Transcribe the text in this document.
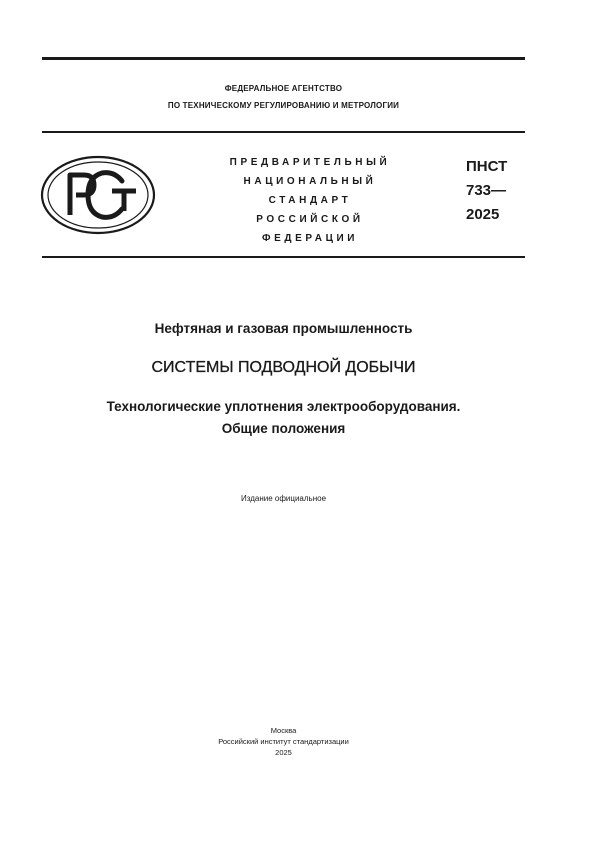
ФЕДЕРАЛЬНОЕ АГЕНТСТВО
ПО ТЕХНИЧЕСКОМУ РЕГУЛИРОВАНИЮ И МЕТРОЛОГИИ
ПРЕДВАРИТЕЛЬНЫЙ
НАЦИОНАЛЬНЫЙ
СТАНДАРТ
РОССИЙСКОЙ
ФЕДЕРАЦИИ
ПНСТ
733—
2025
Нефтяная и газовая промышленность
СИСТЕМЫ ПОДВОДНОЙ ДОБЫЧИ
Технологические уплотнения электрооборудования.
Общие положения
Издание официальное
Москва
Российский институт стандартизации
2025
